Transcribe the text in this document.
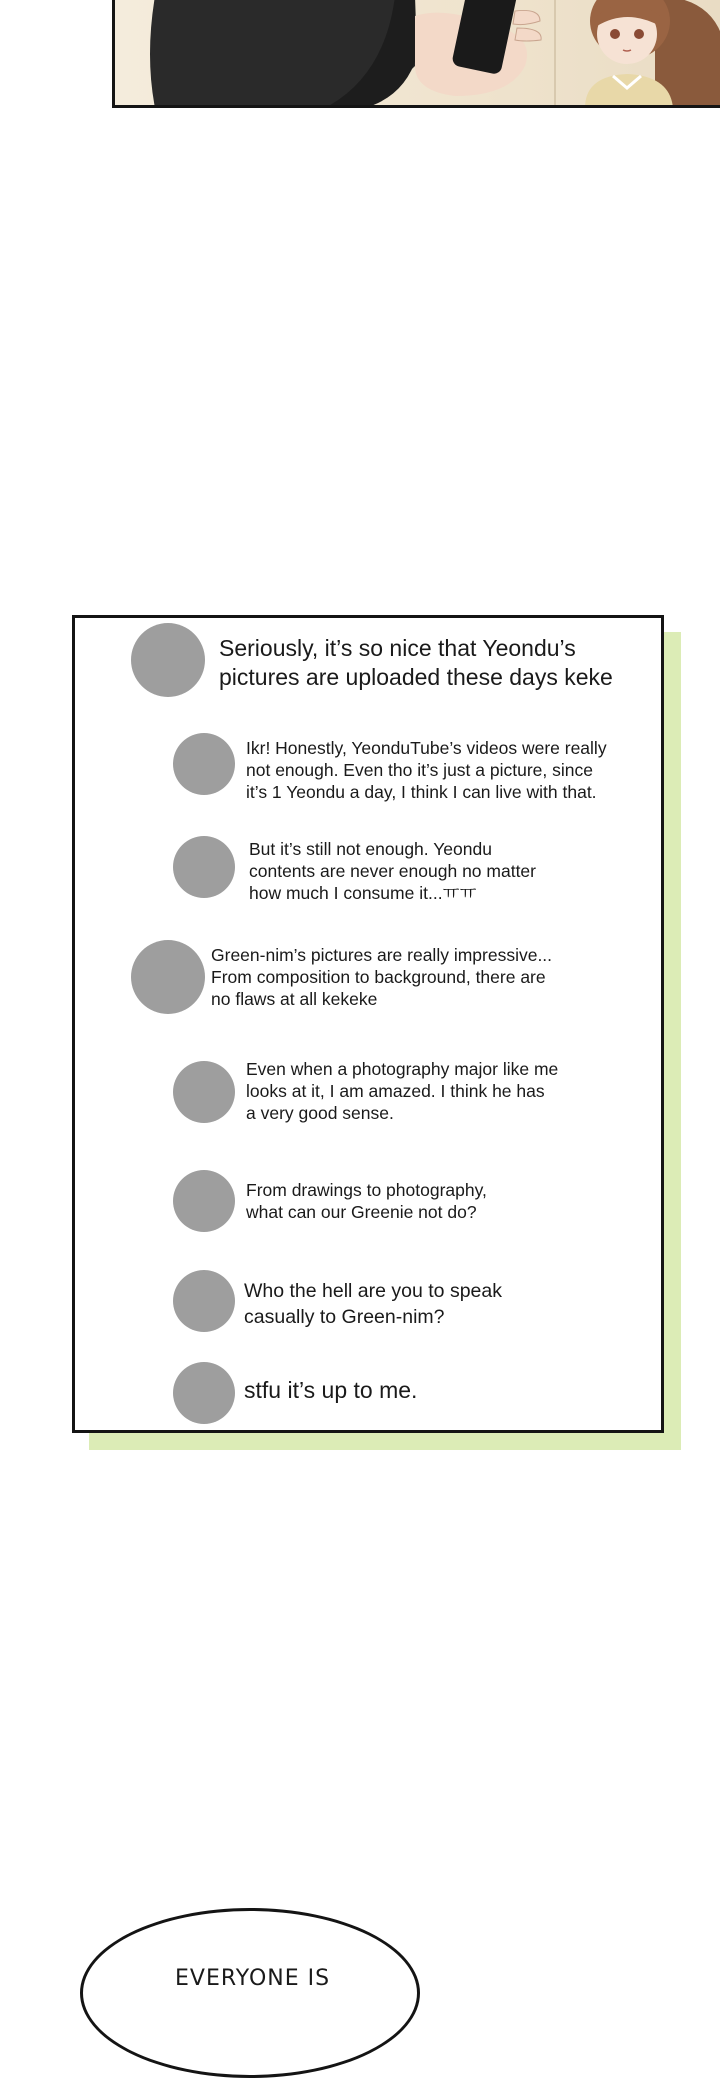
Seriously, it’s so nice that Yeondu’s
pictures are uploaded these days keke
Ikr! Honestly, YeonduTube’s videos were really
not enough. Even tho it’s just a picture, since
it’s 1 Yeondu a day, I think I can live with that.
But it’s still not enough. Yeondu
contents are never enough no matter
how much I consume it...ㅠㅠ
Green-nim’s pictures are really impressive...
From composition to background, there are
no flaws at all kekeke
Even when a photography major like me
looks at it, I am amazed. I think he has
a very good sense.
From drawings to photography,
what can our Greenie not do?
Who the hell are you to speak
casually to Green-nim?
stfu it’s up to me.
EVERYONE IS
